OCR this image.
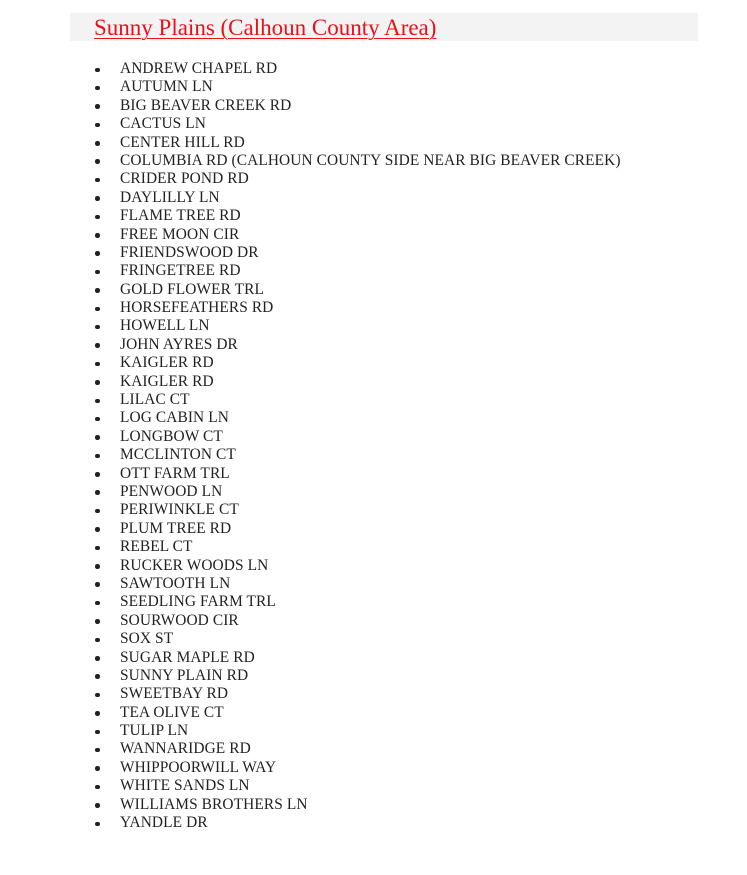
Sunny Plains (Calhoun County Area)
ANDREW CHAPEL RD
AUTUMN LN
BIG BEAVER CREEK RD
CACTUS LN
CENTER HILL RD
COLUMBIA RD (CALHOUN COUNTY SIDE NEAR BIG BEAVER CREEK)
CRIDER POND RD
DAYLILLY LN
FLAME TREE RD
FREE MOON CIR
FRIENDSWOOD DR
FRINGETREE RD
GOLD FLOWER TRL
HORSEFEATHERS RD
HOWELL LN
JOHN AYRES DR
KAIGLER RD
KAIGLER RD
LILAC CT
LOG CABIN LN
LONGBOW CT
MCCLINTON CT
OTT FARM TRL
PENWOOD LN
PERIWINKLE CT
PLUM TREE RD
REBEL CT
RUCKER WOODS LN
SAWTOOTH LN
SEEDLING FARM TRL
SOURWOOD CIR
SOX ST
SUGAR MAPLE RD
SUNNY PLAIN RD
SWEETBAY RD
TEA OLIVE CT
TULIP LN
WANNARIDGE RD
WHIPPOORWILL WAY
WHITE SANDS LN
WILLIAMS BROTHERS LN
YANDLE DR
